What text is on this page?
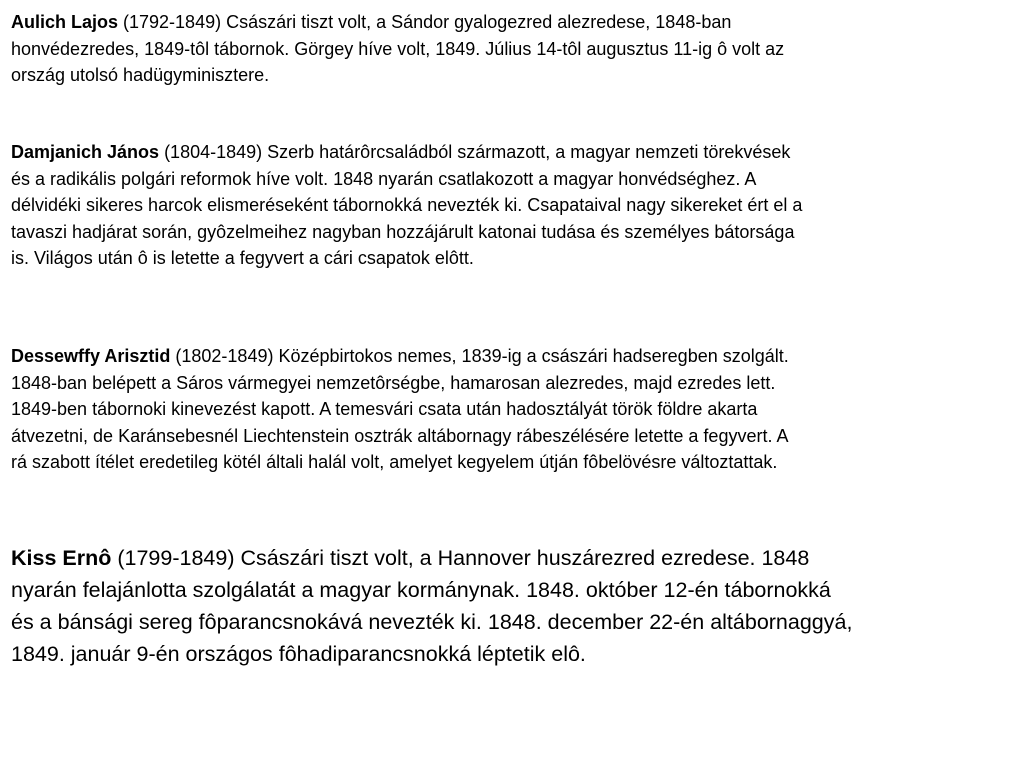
Aulich Lajos (1792-1849) Császári tiszt volt, a Sándor gyalogezred alezredese, 1848-ban
honvédezredes, 1849-tôl tábornok. Görgey híve volt, 1849. Július 14-tôl augusztus 11-ig ô volt az
ország utolsó hadügyminisztere.
Damjanich János (1804-1849) Szerb határôrcsaládból származott, a magyar nemzeti törekvések
és a radikális polgári reformok híve volt. 1848 nyarán csatlakozott a magyar honvédséghez. A
délvidéki sikeres harcok elismeréseként tábornokká nevezték ki. Csapataival nagy sikereket ért el a
tavaszi hadjárat során, gyôzelmeihez nagyban hozzájárult katonai tudása és személyes bátorsága
is. Világos után ô is letette a fegyvert a cári csapatok elôtt.
Dessewffy Arisztid (1802-1849) Középbirtokos nemes, 1839-ig a császári hadseregben szolgált.
1848-ban belépett a Sáros vármegyei nemzetôrségbe, hamarosan alezredes, majd ezredes lett.
1849-ben tábornoki kinevezést kapott. A temesvári csata után hadosztályát török földre akarta
átvezetni, de Karánsebesnél Liechtenstein osztrák altábornagy rábeszélésére letette a fegyvert. A
rá szabott ítélet eredetileg kötél általi halál volt, amelyet kegyelem útján fôbelövésre változtattak.
Kiss Ernô (1799-1849) Császári tiszt volt, a Hannover huszárezred ezredese. 1848
nyarán felajánlotta szolgálatát a magyar kormánynak. 1848. október 12-én tábornokká
és a bánsági sereg fôparancsnokává nevezték ki. 1848. december 22-én altábornaggyá,
1849. január 9-én országos fôhadiparancsnokká léptetik elô.
